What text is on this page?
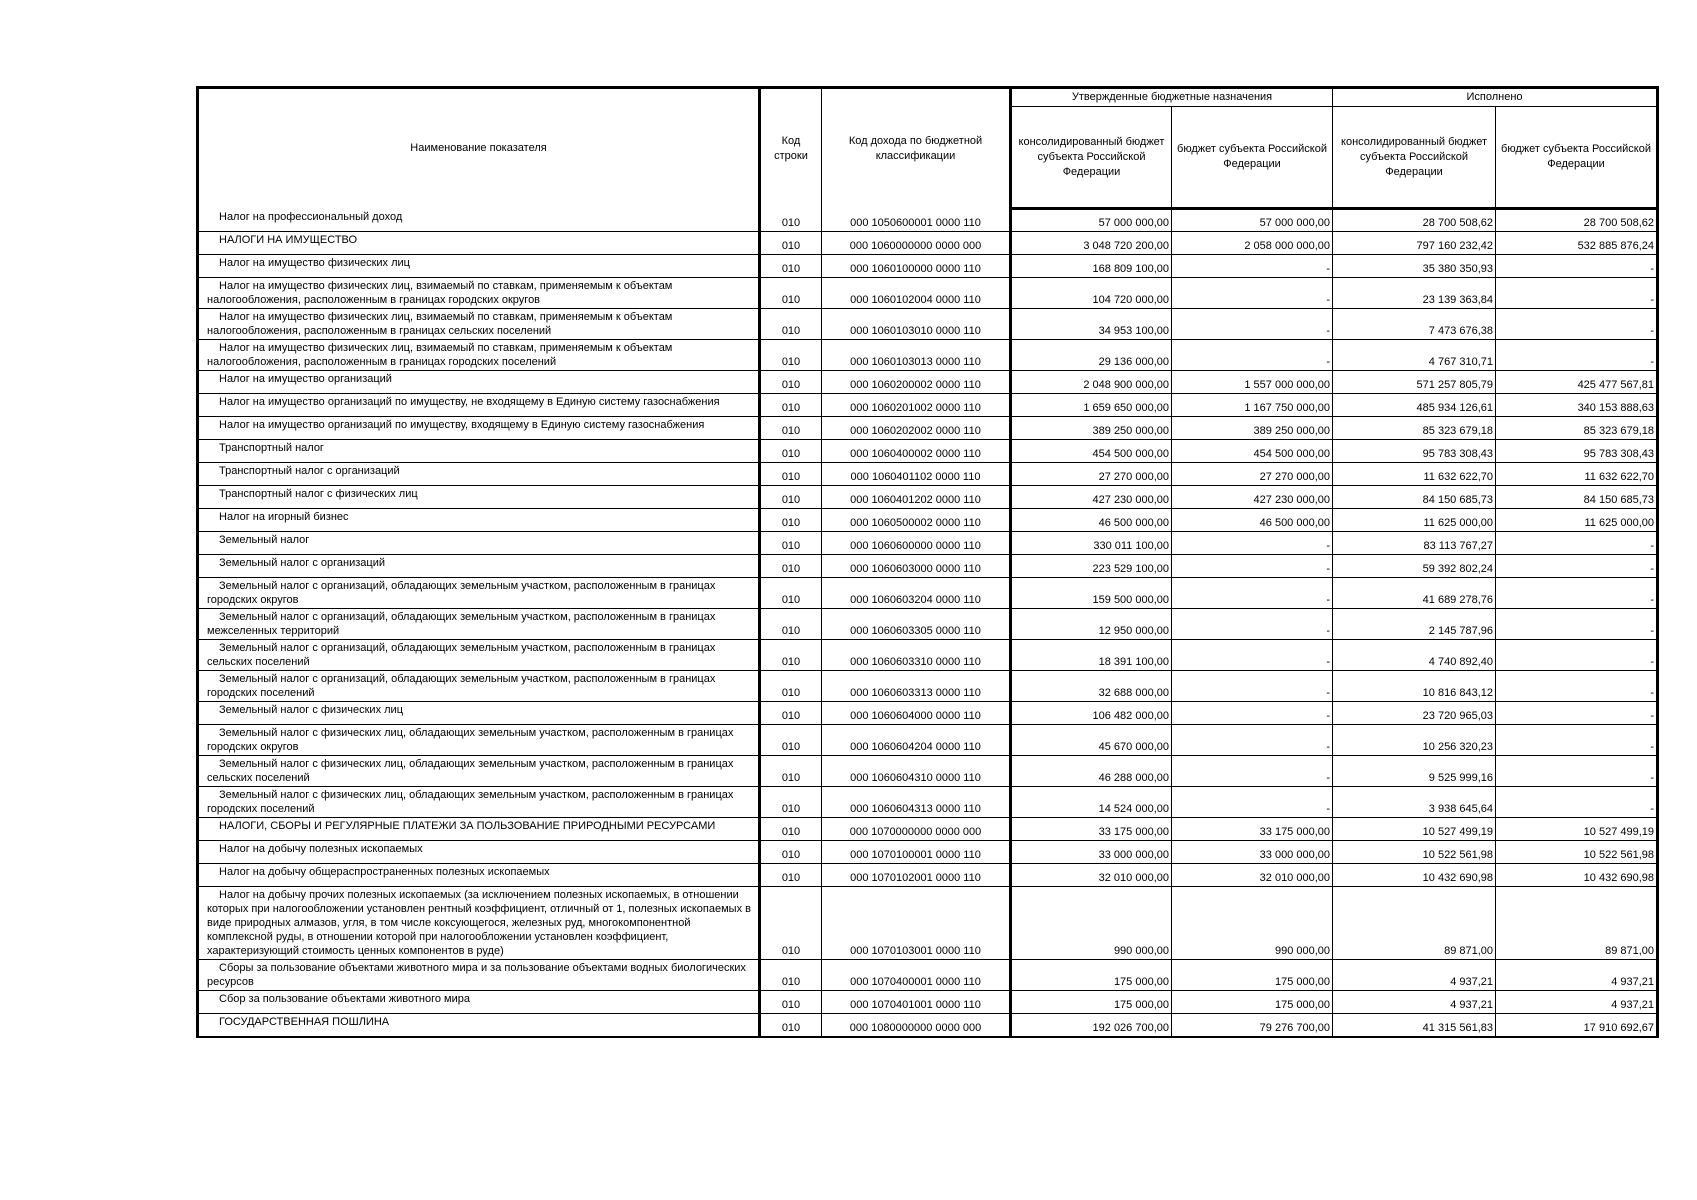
Наименование показателя	Код строки	Код дохода по бюджетной классификации	Утвержденные бюджетные назначения		Исполнено	
			консолидированный бюджет субъекта Российской Федерации	бюджет субъекта Российской Федерации	консолидированный бюджет субъекта Российской Федерации	бюджет субъекта Российской Федерации

Налог на профессиональный доход	010	000 1050600001 0000 110	57 000 000,00	57 000 000,00	28 700 508,62	28 700 508,62

НАЛОГИ НА ИМУЩЕСТВО	010	000 1060000000 0000 000	3 048 720 200,00	2 058 000 000,00	797 160 232,42	532 885 876,24

Налог на имущество физических лиц	010	000 1060100000 0000 110	168 809 100,00	-	35 380 350,93	-

Налог на имущество физических лиц, взимаемый по ставкам, применяемым к объектам налогообложения, расположенным в границах городских округов	010	000 1060102004 0000 110	104 720 000,00	-	23 139 363,84	-

Налог на имущество физических лиц, взимаемый по ставкам, применяемым к объектам налогообложения, расположенным в границах сельских поселений	010	000 1060103010 0000 110	34 953 100,00	-	7 473 676,38	-

Налог на имущество физических лиц, взимаемый по ставкам, применяемым к объектам налогообложения, расположенным в границах городских поселений	010	000 1060103013 0000 110	29 136 000,00	-	4 767 310,71	-

Налог на имущество организаций	010	000 1060200002 0000 110	2 048 900 000,00	1 557 000 000,00	571 257 805,79	425 477 567,81

Налог на имущество организаций по имуществу, не входящему в Единую систему газоснабжения	010	000 1060201002 0000 110	1 659 650 000,00	1 167 750 000,00	485 934 126,61	340 153 888,63

Налог на имущество организаций по имуществу, входящему в Единую систему газоснабжения	010	000 1060202002 0000 110	389 250 000,00	389 250 000,00	85 323 679,18	85 323 679,18

Транспортный налог	010	000 1060400002 0000 110	454 500 000,00	454 500 000,00	95 783 308,43	95 783 308,43

Транспортный налог с организаций	010	000 1060401102 0000 110	27 270 000,00	27 270 000,00	11 632 622,70	11 632 622,70

Транспортный налог с физических лиц	010	000 1060401202 0000 110	427 230 000,00	427 230 000,00	84 150 685,73	84 150 685,73

Налог на игорный бизнес	010	000 1060500002 0000 110	46 500 000,00	46 500 000,00	11 625 000,00	11 625 000,00

Земельный налог	010	000 1060600000 0000 110	330 011 100,00	-	83 113 767,27	-

Земельный налог с организаций	010	000 1060603000 0000 110	223 529 100,00	-	59 392 802,24	-

Земельный налог с организаций, обладающих земельным участком, расположенным в границах городских округов	010	000 1060603204 0000 110	159 500 000,00	-	41 689 278,76	-

Земельный налог с организаций, обладающих земельным участком, расположенным в границах межселенных территорий	010	000 1060603305 0000 110	12 950 000,00	-	2 145 787,96	-

Земельный налог с организаций, обладающих земельным участком, расположенным в границах сельских поселений	010	000 1060603310 0000 110	18 391 100,00	-	4 740 892,40	-

Земельный налог с организаций, обладающих земельным участком, расположенным в границах городских поселений	010	000 1060603313 0000 110	32 688 000,00	-	10 816 843,12	-

Земельный налог с физических лиц	010	000 1060604000 0000 110	106 482 000,00	-	23 720 965,03	-

Земельный налог с физических лиц, обладающих земельным участком, расположенным в границах городских округов	010	000 1060604204 0000 110	45 670 000,00	-	10 256 320,23	-

Земельный налог с физических лиц, обладающих земельным участком, расположенным в границах сельских поселений	010	000 1060604310 0000 110	46 288 000,00	-	9 525 999,16	-

Земельный налог с физических лиц, обладающих земельным участком, расположенным в границах городских поселений	010	000 1060604313 0000 110	14 524 000,00	-	3 938 645,64	-

НАЛОГИ, СБОРЫ И РЕГУЛЯРНЫЕ ПЛАТЕЖИ ЗА ПОЛЬЗОВАНИЕ ПРИРОДНЫМИ РЕСУРСАМИ	010	000 1070000000 0000 000	33 175 000,00	33 175 000,00	10 527 499,19	10 527 499,19

Налог на добычу полезных ископаемых	010	000 1070100001 0000 110	33 000 000,00	33 000 000,00	10 522 561,98	10 522 561,98

Налог на добычу общераспространенных полезных ископаемых	010	000 1070102001 0000 110	32 010 000,00	32 010 000,00	10 432 690,98	10 432 690,98

Налог на добычу прочих полезных ископаемых (за исключением полезных ископаемых, в отношении которых при налогообложении установлен рентный коэффициент, отличный от 1, полезных ископаемых в виде природных алмазов, угля, в том числе коксующегося, железных руд, многокомпонентной комплексной руды, в отношении которой при налогообложении установлен коэффициент, характеризующий стоимость ценных компонентов в руде)	010	000 1070103001 0000 110	990 000,00	990 000,00	89 871,00	89 871,00

Сборы за пользование объектами животного мира и за пользование объектами водных биологических ресурсов	010	000 1070400001 0000 110	175 000,00	175 000,00	4 937,21	4 937,21

Сбор за пользование объектами животного мира	010	000 1070401001 0000 110	175 000,00	175 000,00	4 937,21	4 937,21

ГОСУДАРСТВЕННАЯ ПОШЛИНА	010	000 1080000000 0000 000	192 026 700,00	79 276 700,00	41 315 561,83	17 910 692,67
